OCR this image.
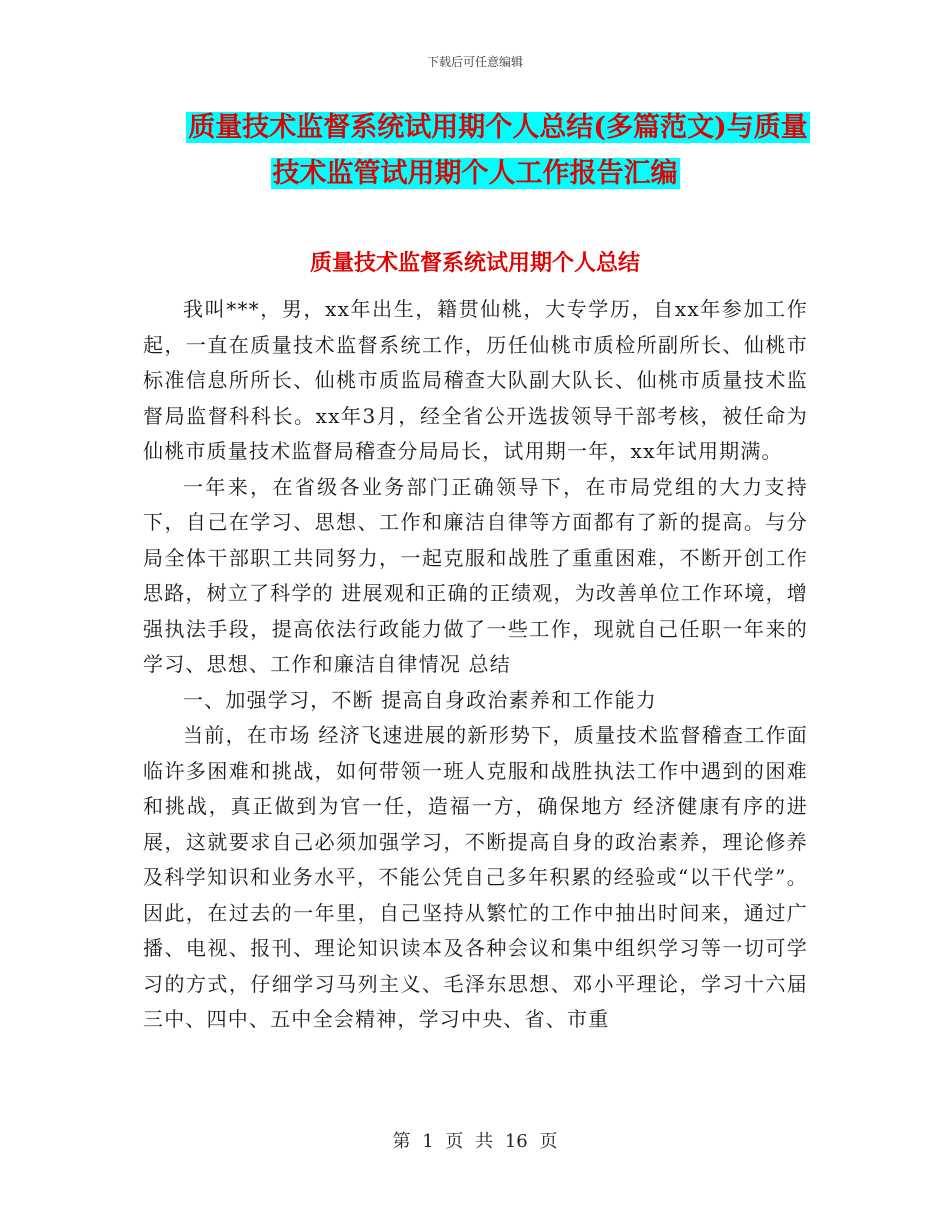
下载后可任意编辑
质量技术监督系统试用期个人总结(多篇范文)与质量
技术监管试用期个人工作报告汇编
质量技术监督系统试用期个人总结

我叫***，男，xx年出生，籍贯仙桃，大专学历，自xx年参加工作起，一直在质量技术监督系统工作，历任仙桃市质检所副所长、仙桃市标准信息所所长、仙桃市质监局稽查大队副大队长、仙桃市质量技术监督局监督科科长。xx年3月，经全省公开选拔领导干部考核，被任命为仙桃市质量技术监督局稽查分局局长，试用期一年，xx年试用期满。

一年来，在省级各业务部门正确领导下，在市局党组的大力支持下，自己在学习、思想、工作和廉洁自律等方面都有了新的提高。与分局全体干部职工共同努力，一起克服和战胜了重重困难，不断开创工作思路，树立了科学的 进展观和正确的正绩观，为改善单位工作环境，增强执法手段，提高依法行政能力做了一些工作，现就自己任职一年来的学习、思想、工作和廉洁自律情况 总结

一、加强学习，不断 提高自身政治素养和工作能力

当前，在市场 经济飞速进展的新形势下，质量技术监督稽查工作面临许多困难和挑战，如何带领一班人克服和战胜执法工作中遇到的困难和挑战，真正做到为官一任，造福一方，确保地方 经济健康有序的进展，这就要求自己必须加强学习，不断提高自身的政治素养，理论修养及科学知识和业务水平，不能公凭自己多年积累的经验或“以干代学”。因此，在过去的一年里，自己坚持从繁忙的工作中抽出时间来，通过广播、电视、报刊、理论知识读本及各种会议和集中组织学习等一切可学习的方式，仔细学习马列主义、毛泽东思想、邓小平理论，学习十六届三中、四中、五中全会精神，学习中央、省、市重

第 1 页 共 16 页
